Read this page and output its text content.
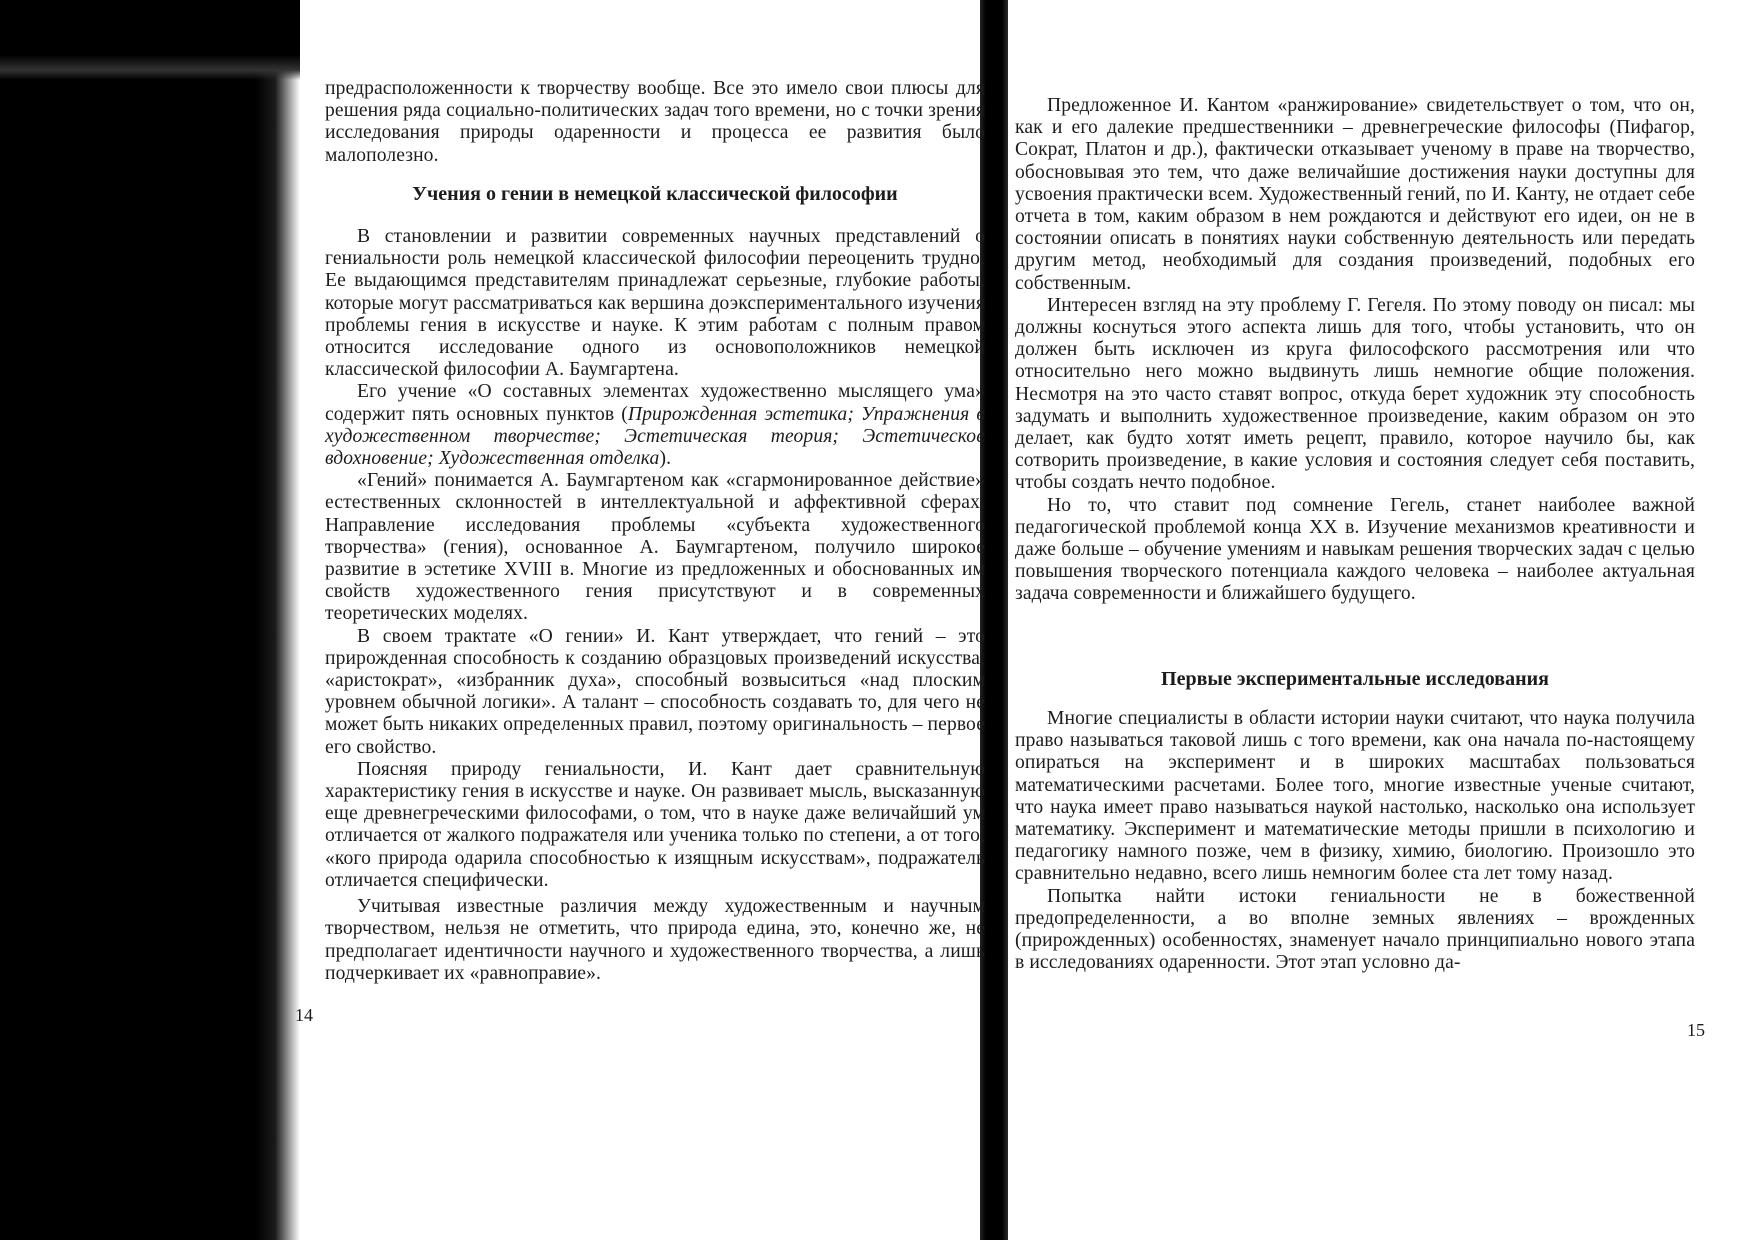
предрасположенности к творчеству вообще. Все это имело свои плюсы для решения ряда социально-политических задач того времени, но с точки зрения исследования природы одаренности и процесса ее развития было малополезно.

Учения о гении в немецкой классической философии

В становлении и развитии современных научных представлений о гениальности роль немецкой классической философии переоценить трудно. Ее выдающимся представителям принадлежат серьезные, глубокие работы, которые могут рассматриваться как вершина доэкспериментального изучения проблемы гения в искусстве и науке. К этим работам с полным правом относится исследование одного из основоположников немецкой классической философии А. Баумгартена.

Его учение «О составных элементах художественно мыслящего ума» содержит пять основных пунктов (Прирожденная эстетика; Упражнения в художественном творчестве; Эстетическая теория; Эстетическое вдохновение; Художественная отделка).

«Гений» понимается А. Баумгартеном как «сгармонированное действие» естественных склонностей в интеллектуальной и аффективной сферах. Направление исследования проблемы «субъекта художественного творчества» (гения), основанное А. Баумгартеном, получило широкое развитие в эстетике XVIII в. Многие из предложенных и обоснованных им свойств художественного гения присутствуют и в современных теоретических моделях.

В своем трактате «О гении» И. Кант утверждает, что гений – это прирожденная способность к созданию образцовых произведений искусства, «аристократ», «избранник духа», способный возвыситься «над плоским уровнем обычной логики». А талант – способность создавать то, для чего не может быть никаких определенных правил, поэтому оригинальность – первое его свойство.

Поясняя природу гениальности, И. Кант дает сравнительную характеристику гения в искусстве и науке. Он развивает мысль, высказанную еще древнегреческими философами, о том, что в науке даже величайший ум отличается от жалкого подражателя или ученика только по степени, а от того, «кого природа одарила способностью к изящным искусствам», подражатель отличается специфически.

Учитывая известные различия между художественным и научным творчеством, нельзя не отметить, что природа едина, это, конечно же, не предполагает идентичности научного и художественного творчества, а лишь подчеркивает их «равноправие».

14

Предложенное И. Кантом «ранжирование» свидетельствует о том, что он, как и его далекие предшественники – древнегреческие философы (Пифагор, Сократ, Платон и др.), фактически отказывает ученому в праве на творчество, обосновывая это тем, что даже величайшие достижения науки доступны для усвоения практически всем. Художественный гений, по И. Канту, не отдает себе отчета в том, каким образом в нем рождаются и действуют его идеи, он не в состоянии описать в понятиях науки собственную деятельность или передать другим метод, необходимый для создания произведений, подобных его собственным.

Интересен взгляд на эту проблему Г. Гегеля. По этому поводу он писал: мы должны коснуться этого аспекта лишь для того, чтобы установить, что он должен быть исключен из круга философского рассмотрения или что относительно него можно выдвинуть лишь немногие общие положения. Несмотря на это часто ставят вопрос, откуда берет художник эту способность задумать и выполнить художественное произведение, каким образом он это делает, как будто хотят иметь рецепт, правило, которое научило бы, как сотворить произведение, в какие условия и состояния следует себя поставить, чтобы создать нечто подобное.

Но то, что ставит под сомнение Гегель, станет наиболее важной педагогической проблемой конца XX в. Изучение механизмов креативности и даже больше – обучение умениям и навыкам решения творческих задач с целью повышения творческого потенциала каждого человека – наиболее актуальная задача современности и ближайшего будущего.

Первые экспериментальные исследования

Многие специалисты в области истории науки считают, что наука получила право называться таковой лишь с того времени, как она начала по-настоящему опираться на эксперимент и в широких масштабах пользоваться математическими расчетами. Более того, многие известные ученые считают, что наука имеет право называться наукой настолько, насколько она использует математику. Эксперимент и математические методы пришли в психологию и педагогику намного позже, чем в физику, химию, биологию. Произошло это сравнительно недавно, всего лишь немногим более ста лет тому назад.

Попытка найти истоки гениальности не в божественной предопределенности, а во вполне земных явлениях – врожденных (прирожденных) особенностях, знаменует начало принципиально нового этапа в исследованиях одаренности. Этот этап условно да-

15
